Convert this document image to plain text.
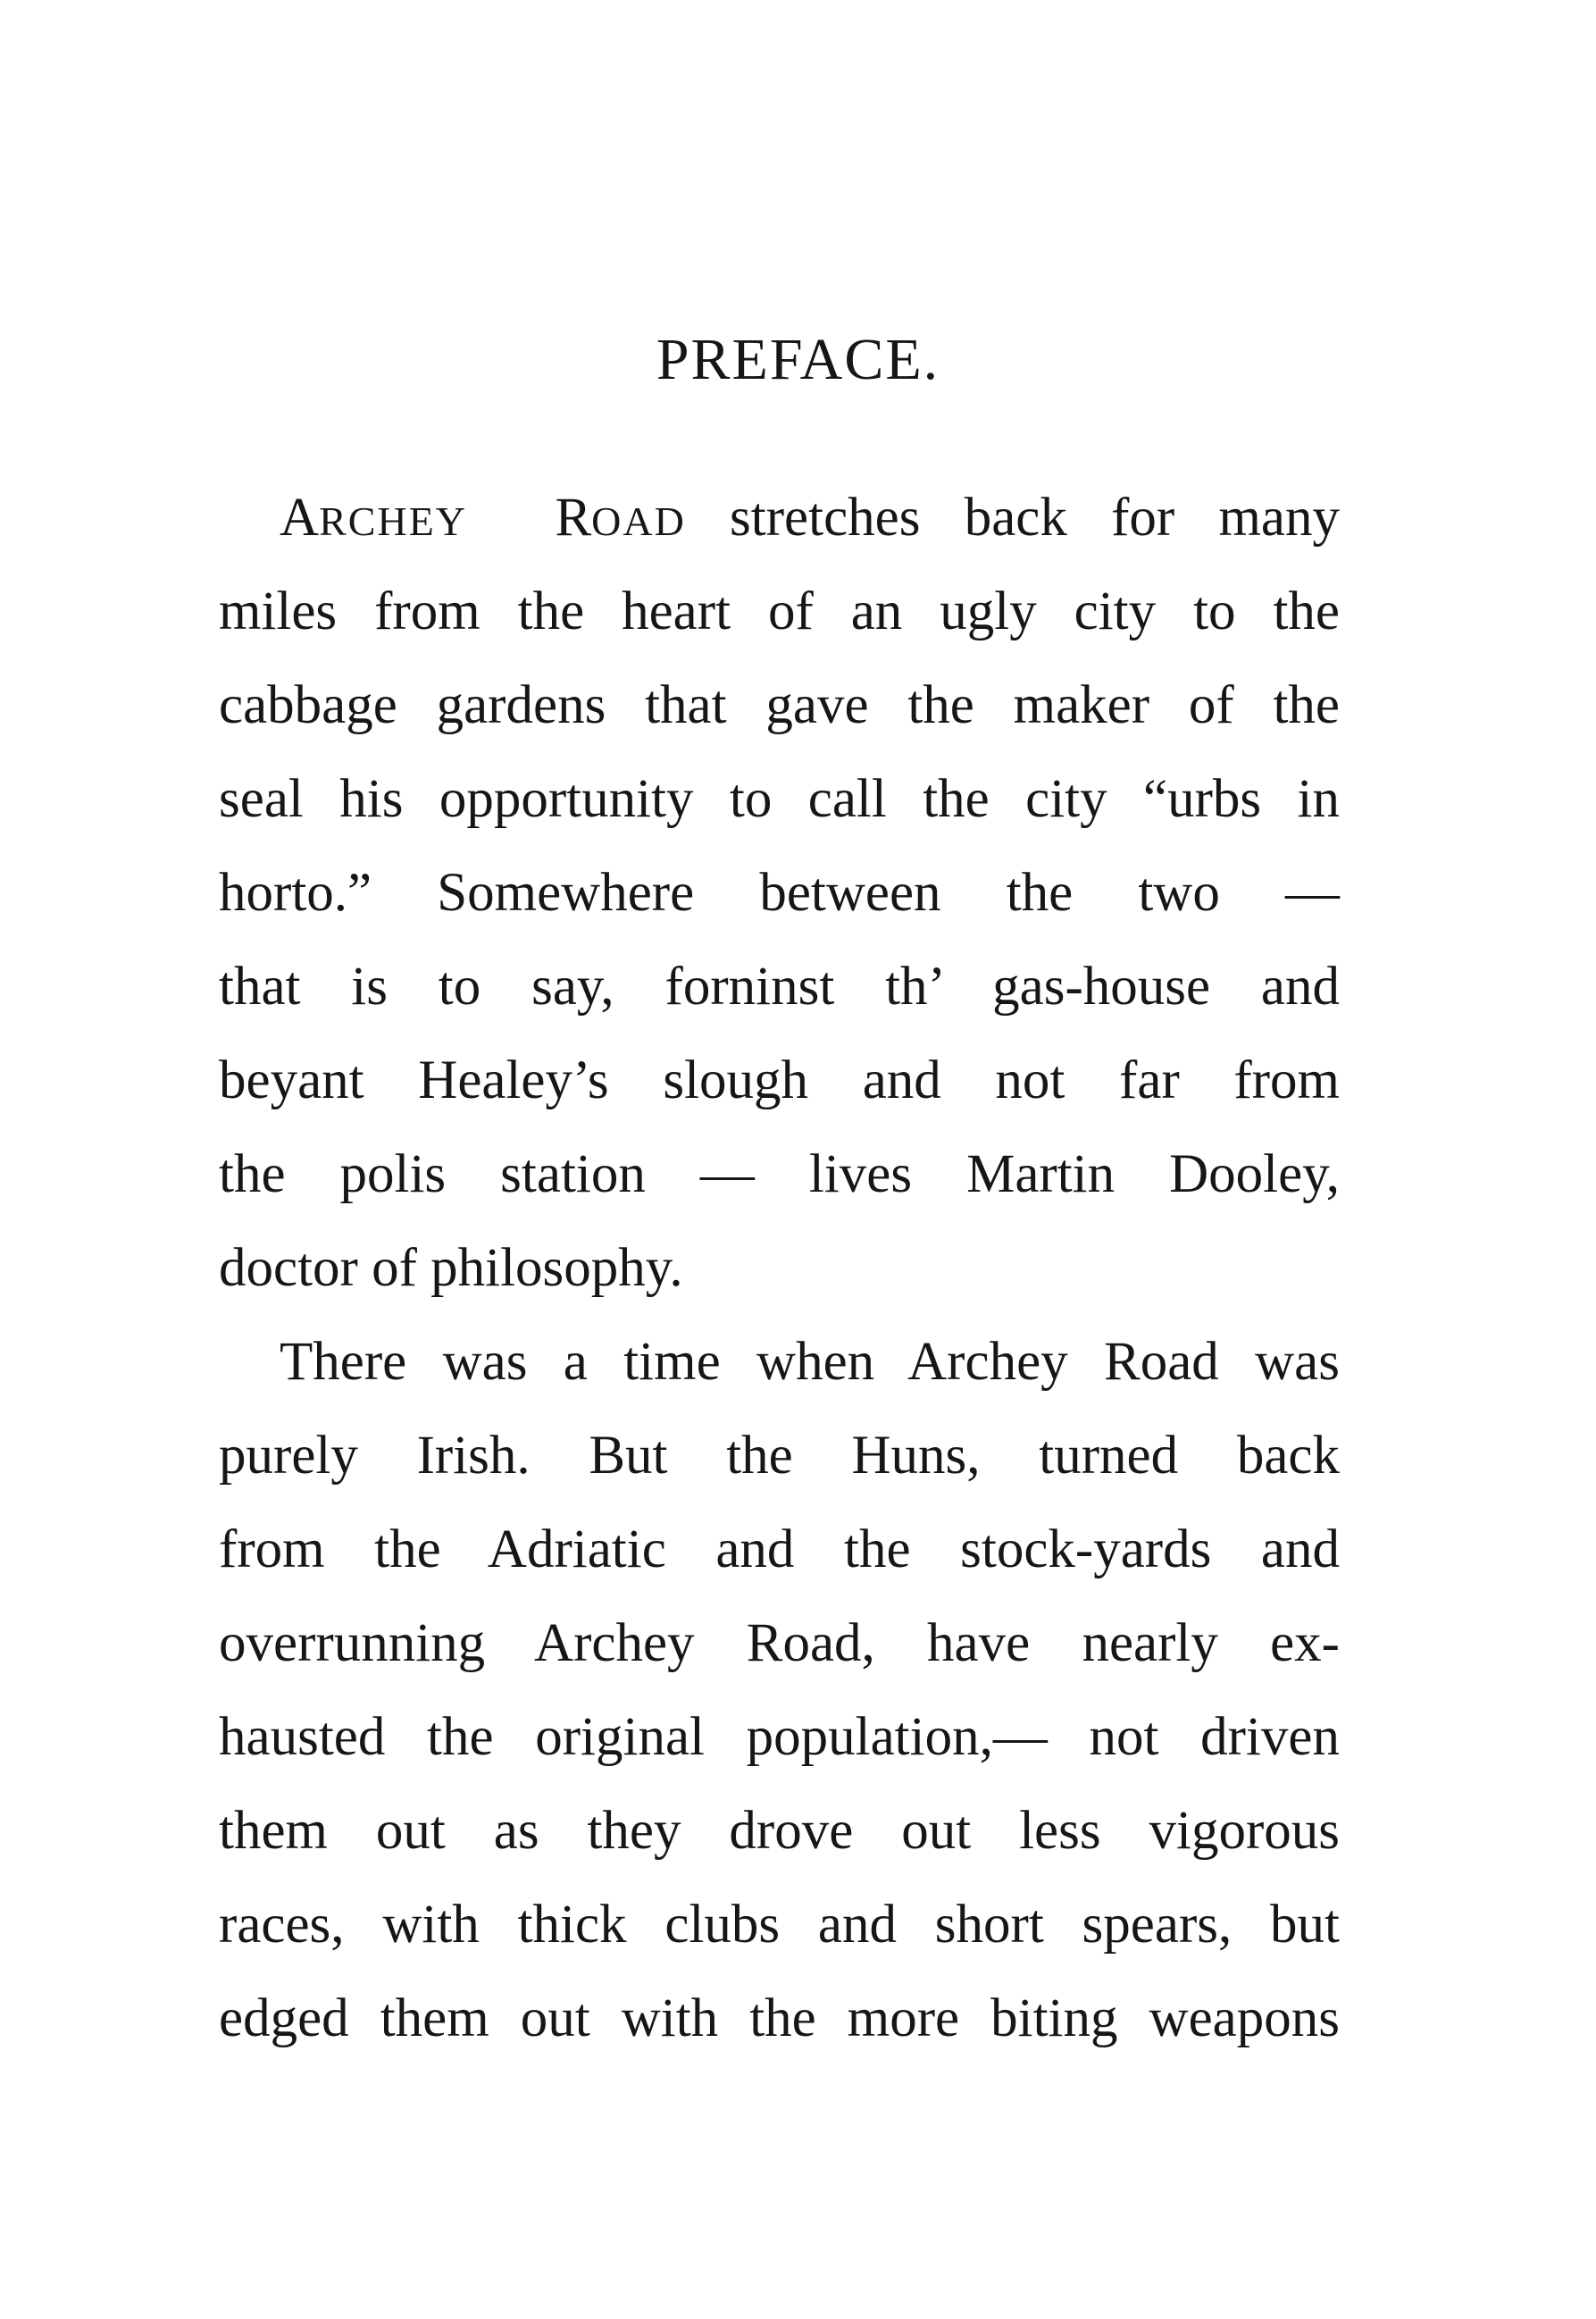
PREFACE.
ARCHEY ROAD stretches back for many
miles from the heart of an ugly city to the
cabbage gardens that gave the maker of the
seal his opportunity to call the city “urbs in
horto.” Somewhere between the two —
that is to say, forninst th’ gas-house and
beyant Healey’s slough and not far from
the polis station — lives Martin Dooley,
doctor of philosophy.
There was a time when Archey Road was
purely Irish. But the Huns, turned back
from the Adriatic and the stock-yards and
overrunning Archey Road, have nearly ex-
hausted the original population,— not driven
them out as they drove out less vigorous
races, with thick clubs and short spears, but
edged them out with the more biting weapons
